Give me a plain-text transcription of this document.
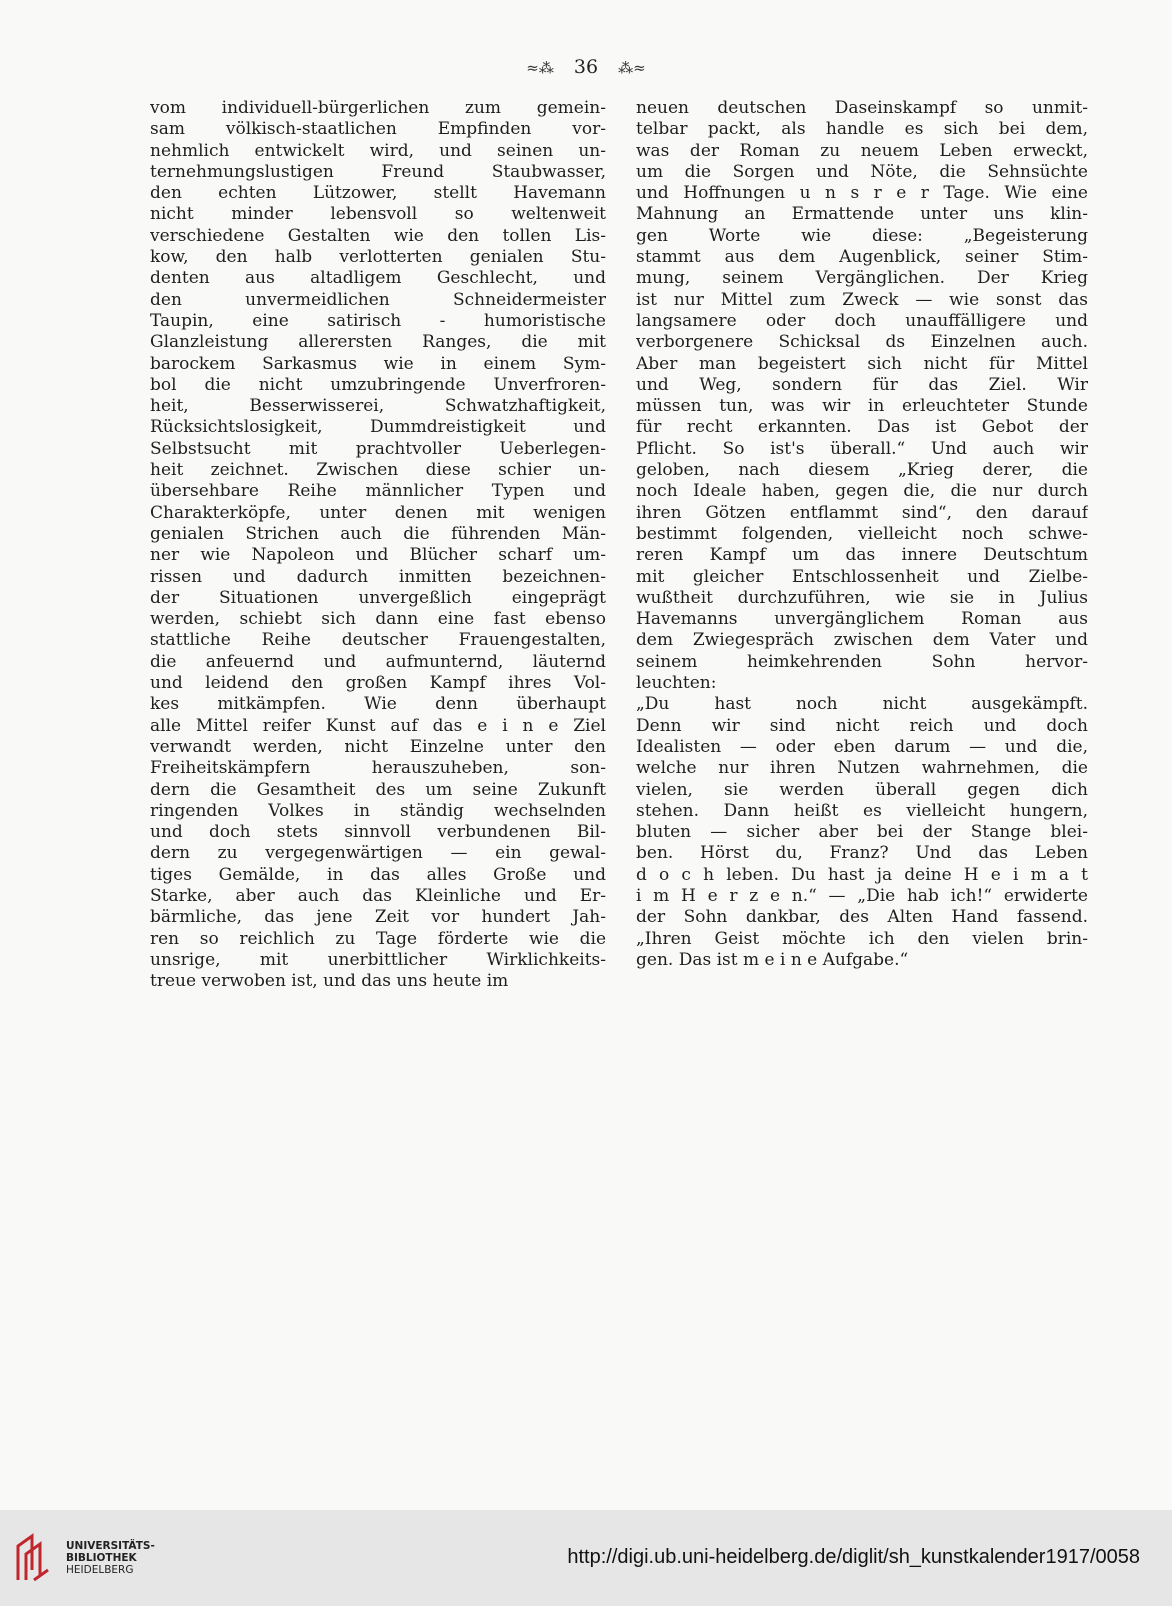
≈⁂ 36 ⁂≈
vom individuell-bürgerlichen zum gemein-
sam völkisch-staatlichen Empfinden vor-
nehmlich entwickelt wird, und seinen un-
ternehmungslustigen Freund Staubwasser,
den echten Lützower, stellt Havemann
nicht minder lebensvoll so weltenweit
verschiedene Gestalten wie den tollen Lis-
kow, den halb verlotterten genialen Stu-
denten aus altadligem Geschlecht, und
den unvermeidlichen Schneidermeister
Taupin, eine satirisch - humoristische
Glanzleistung allerersten Ranges, die mit
barockem Sarkasmus wie in einem Sym-
bol die nicht umzubringende Unverfroren-
heit, Besserwisserei, Schwatzhaftigkeit,
Rücksichtslosigkeit, Dummdreistigkeit und
Selbstsucht mit prachtvoller Ueberlegen-
heit zeichnet. Zwischen diese schier un-
übersehbare Reihe männlicher Typen und
Charakterköpfe, unter denen mit wenigen
genialen Strichen auch die führenden Män-
ner wie Napoleon und Blücher scharf um-
rissen und dadurch inmitten bezeichnen-
der Situationen unvergeßlich eingeprägt
werden, schiebt sich dann eine fast ebenso
stattliche Reihe deutscher Frauengestalten,
die anfeuernd und aufmunternd, läuternd
und leidend den großen Kampf ihres Vol-
kes mitkämpfen. Wie denn überhaupt
alle Mittel reifer Kunst auf das e i n e Ziel
verwandt werden, nicht Einzelne unter den
Freiheitskämpfern herauszuheben, son-
dern die Gesamtheit des um seine Zukunft
ringenden Volkes in ständig wechselnden
und doch stets sinnvoll verbundenen Bil-
dern zu vergegenwärtigen — ein gewal-
tiges Gemälde, in das alles Große und
Starke, aber auch das Kleinliche und Er-
bärmliche, das jene Zeit vor hundert Jah-
ren so reichlich zu Tage förderte wie die
unsrige, mit unerbittlicher Wirklichkeits-
treue verwoben ist, und das uns heute im
neuen deutschen Daseinskampf so unmit-
telbar packt, als handle es sich bei dem,
was der Roman zu neuem Leben erweckt,
um die Sorgen und Nöte, die Sehnsüchte
und Hoffnungen u n s r e r Tage. Wie eine
Mahnung an Ermattende unter uns klin-
gen Worte wie diese: „Begeisterung
stammt aus dem Augenblick, seiner Stim-
mung, seinem Vergänglichen. Der Krieg
ist nur Mittel zum Zweck — wie sonst das
langsamere oder doch unauffälligere und
verborgenere Schicksal ds Einzelnen auch.
Aber man begeistert sich nicht für Mittel
und Weg, sondern für das Ziel. Wir
müssen tun, was wir in erleuchteter Stunde
für recht erkannten. Das ist Gebot der
Pflicht. So ist's überall.“ Und auch wir
geloben, nach diesem „Krieg derer, die
noch Ideale haben, gegen die, die nur durch
ihren Götzen entflammt sind“, den darauf
bestimmt folgenden, vielleicht noch schwe-
reren Kampf um das innere Deutschtum
mit gleicher Entschlossenheit und Zielbe-
wußtheit durchzuführen, wie sie in Julius
Havemanns unvergänglichem Roman aus
dem Zwiegespräch zwischen dem Vater und
seinem heimkehrenden Sohn hervor-
leuchten:
„Du hast noch nicht ausgekämpft.
Denn wir sind nicht reich und doch
Idealisten — oder eben darum — und die,
welche nur ihren Nutzen wahrnehmen, die
vielen, sie werden überall gegen dich
stehen. Dann heißt es vielleicht hungern,
bluten — sicher aber bei der Stange blei-
ben. Hörst du, Franz? Und das Leben
d o c h leben. Du hast ja deine H e i m a t
i m H e r z e n.“ — „Die hab ich!“ erwiderte
der Sohn dankbar, des Alten Hand fassend.
„Ihren Geist möchte ich den vielen brin-
gen. Das ist m e i n e Aufgabe.“
UNIVERSITÄTS-
BIBLIOTHEK
HEIDELBERG
http://digi.ub.uni-heidelberg.de/diglit/sh_kunstkalender1917/0058
